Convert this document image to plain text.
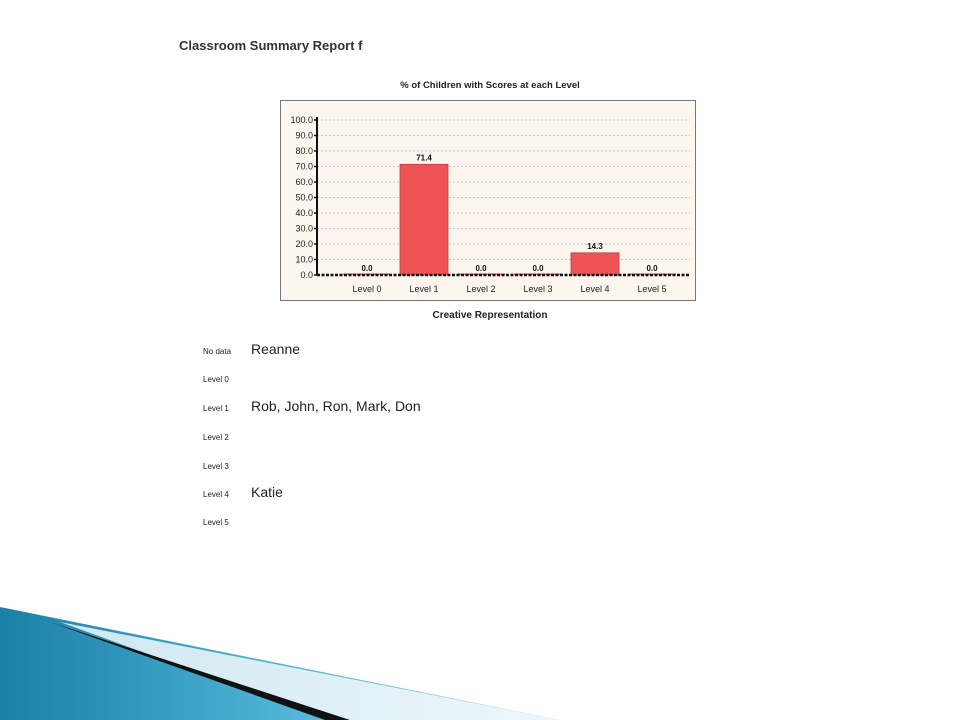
Classroom Summary Report f
% of Children with Scores at each Level
0.0
10.0
20.0
30.0
40.0
50.0
60.0
70.0
80.0
90.0
100.0
0.0
Level 0
71.4
Level 1
0.0
Level 2
0.0
Level 3
14.3
Level 4
0.0
Level 5
Creative Representation
No data Reanne
Level 0
Level 1 Rob, John, Ron, Mark, Don
Level 2
Level 3
Level 4 Katie
Level 5
